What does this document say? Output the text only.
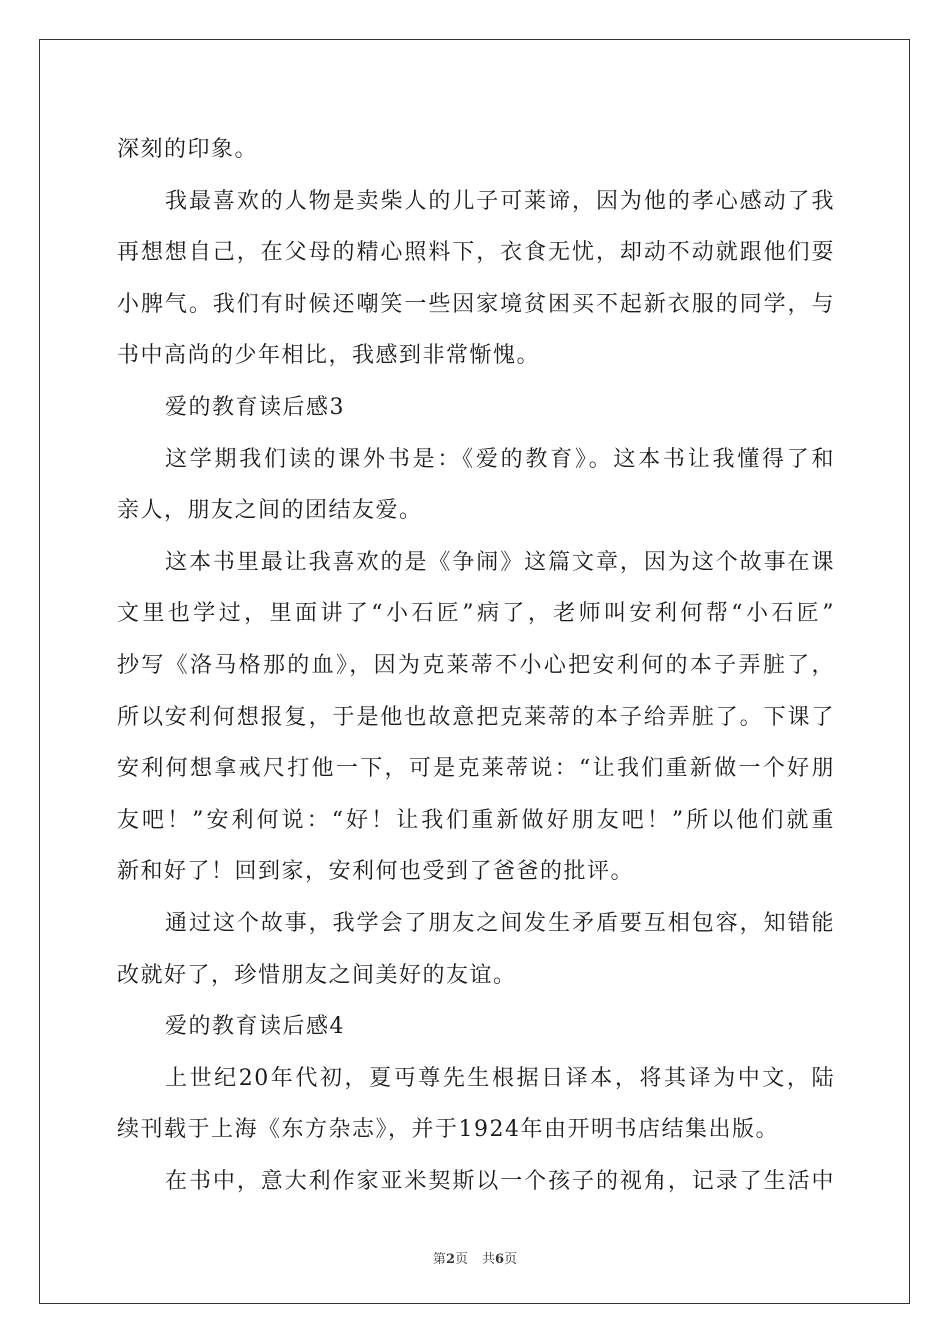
深刻的印象。
我最喜欢的人物是卖柴人的儿子可莱谛，因为他的孝心感动了我
再想想自己，在父母的精心照料下，衣食无忧，却动不动就跟他们耍
小脾气。我们有时候还嘲笑一些因家境贫困买不起新衣服的同学，与
书中高尚的少年相比，我感到非常惭愧。
爱的教育读后感3
这学期我们读的课外书是：《爱的教育》。这本书让我懂得了和
亲人，朋友之间的团结友爱。
这本书里最让我喜欢的是《争闹》这篇文章，因为这个故事在课
文里也学过，里面讲了“小石匠”病了，老师叫安利何帮“小石匠”
抄写《洛马格那的血》，因为克莱蒂不小心把安利何的本子弄脏了，
所以安利何想报复，于是他也故意把克莱蒂的本子给弄脏了。下课了
安利何想拿戒尺打他一下，可是克莱蒂说：“让我们重新做一个好朋
友吧！”安利何说：“好！让我们重新做好朋友吧！”所以他们就重
新和好了！回到家，安利何也受到了爸爸的批评。
通过这个故事，我学会了朋友之间发生矛盾要互相包容，知错能
改就好了，珍惜朋友之间美好的友谊。
爱的教育读后感4
上世纪20年代初，夏丏尊先生根据日译本，将其译为中文，陆
续刊载于上海《东方杂志》，并于1924年由开明书店结集出版。
在书中，意大利作家亚米契斯以一个孩子的视角，记录了生活中
第2页 共6页
